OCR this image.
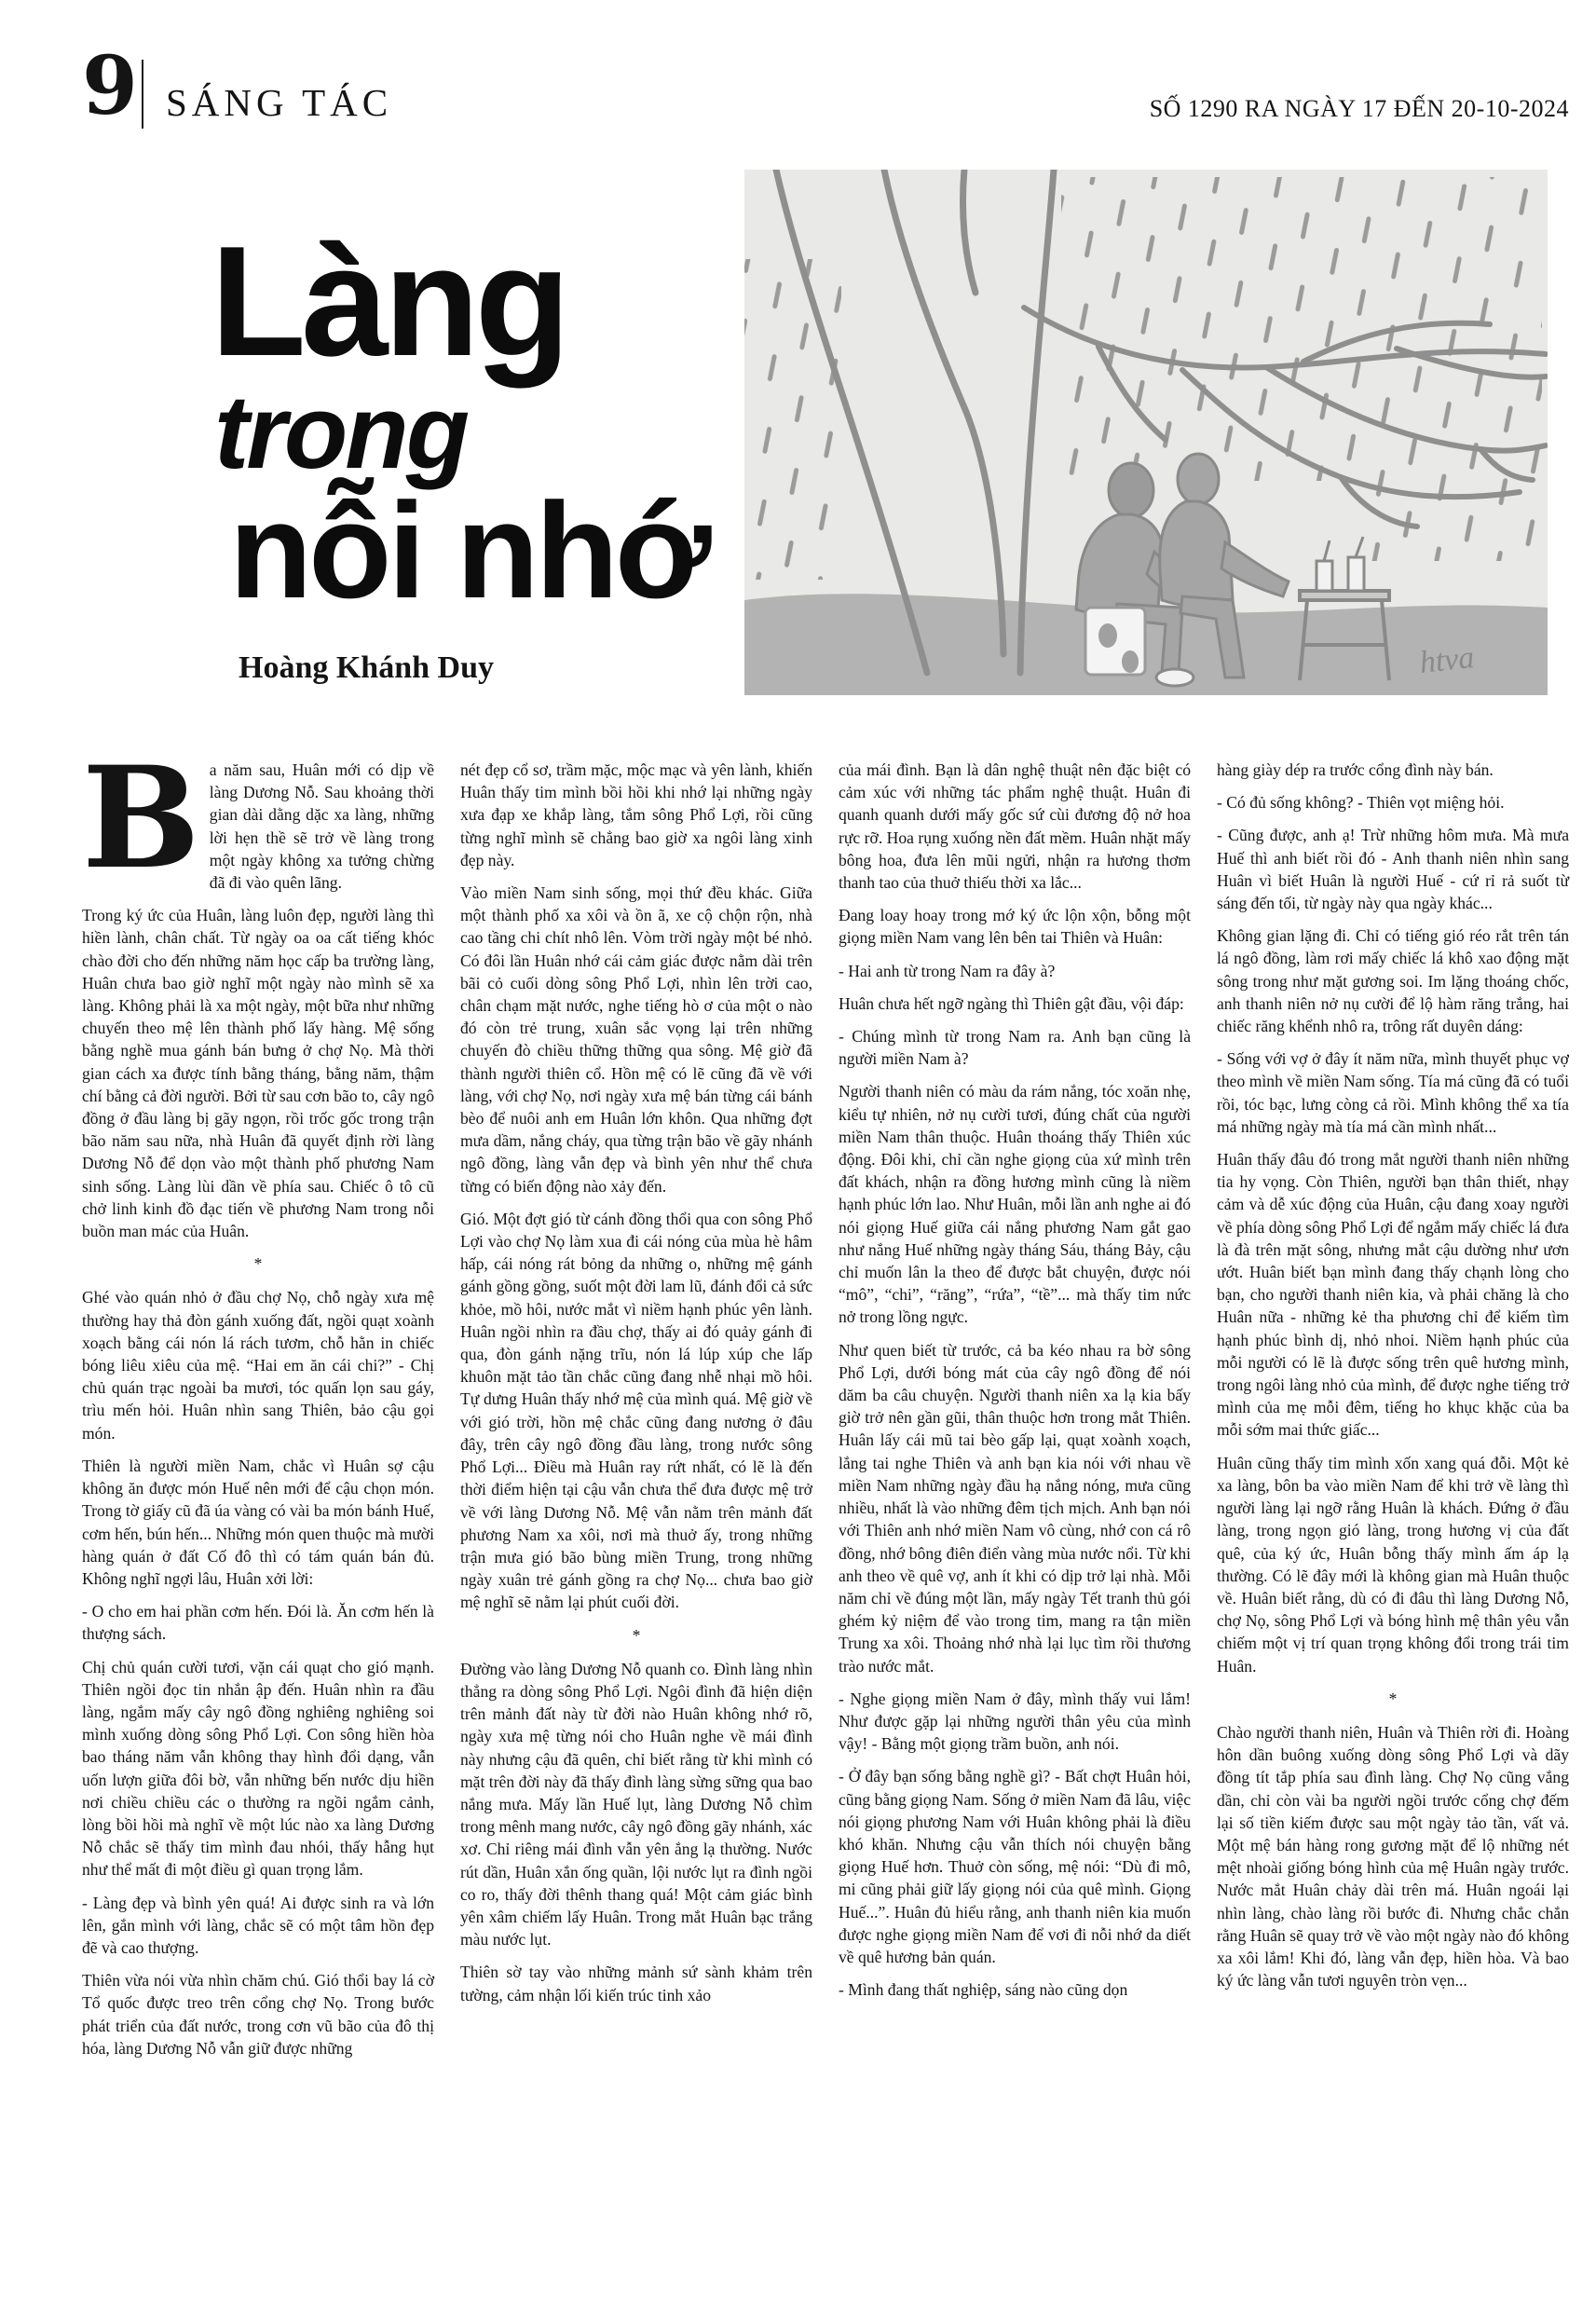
9 SÁNG TÁC	SỐ 1290 RA NGÀY 17 ĐẾN 20-10-2024
Làng
trong
nỗi nhớ
Hoàng Khánh Duy	htva

Ba năm sau, Huân mới có dịp về làng Dương Nỗ. Sau khoảng thời gian dài dằng dặc xa làng, những lời hẹn thề sẽ trở về làng trong một ngày không xa tưởng chừng đã đi vào quên lãng.

Trong ký ức của Huân, làng luôn đẹp, người làng thì hiền lành, chân chất. Từ ngày oa oa cất tiếng khóc chào đời cho đến những năm học cấp ba trường làng, Huân chưa bao giờ nghĩ một ngày nào mình sẽ xa làng. Không phải là xa một ngày, một bữa như những chuyến theo mệ lên thành phố lấy hàng. Mệ sống bằng nghề mua gánh bán bưng ở chợ Nọ. Mà thời gian cách xa được tính bằng tháng, bằng năm, thậm chí bằng cả đời người. Bởi từ sau cơn bão to, cây ngô đồng ở đầu làng bị gãy ngọn, rồi trốc gốc trong trận bão năm sau nữa, nhà Huân đã quyết định rời làng Dương Nỗ để dọn vào một thành phố phương Nam sinh sống. Làng lùi dần về phía sau. Chiếc ô tô cũ chở linh kinh đồ đạc tiến về phương Nam trong nỗi buồn man mác của Huân.

*

Ghé vào quán nhỏ ở đầu chợ Nọ, chỗ ngày xưa mệ thường hay thả đòn gánh xuống đất, ngồi quạt xoành xoạch bằng cái nón lá rách tươm, chỗ hằn in chiếc bóng liêu xiêu của mệ. “Hai em ăn cái chi?” - Chị chủ quán trạc ngoài ba mươi, tóc quấn lọn sau gáy, trìu mến hỏi. Huân nhìn sang Thiên, bảo cậu gọi món.

Thiên là người miền Nam, chắc vì Huân sợ cậu không ăn được món Huế nên mới để cậu chọn món. Trong tờ giấy cũ đã úa vàng có vài ba món bánh Huế, cơm hến, bún hến... Những món quen thuộc mà mười hàng quán ở đất Cố đô thì có tám quán bán đủ. Không nghĩ ngợi lâu, Huân xởi lời:

- O cho em hai phần cơm hến. Đói là. Ăn cơm hến là thượng sách.

Chị chủ quán cười tươi, vặn cái quạt cho gió mạnh. Thiên ngồi đọc tin nhắn ập đến. Huân nhìn ra đầu làng, ngắm mấy cây ngô đồng nghiêng nghiêng soi mình xuống dòng sông Phổ Lợi. Con sông hiền hòa bao tháng năm vẫn không thay hình đổi dạng, vẫn uốn lượn giữa đôi bờ, vẫn những bến nước dịu hiền nơi chiều chiều các o thường ra ngồi ngắm cảnh, lòng bồi hồi mà nghĩ về một lúc nào xa làng Dương Nỗ chắc sẽ thấy tim mình đau nhói, thấy hẫng hụt như thể mất đi một điều gì quan trọng lắm.

- Làng đẹp và bình yên quá! Ai được sinh ra và lớn lên, gắn mình với làng, chắc sẽ có một tâm hồn đẹp đẽ và cao thượng.

Thiên vừa nói vừa nhìn chăm chú. Gió thổi bay lá cờ Tổ quốc được treo trên cổng chợ Nọ. Trong bước phát triển của đất nước, trong cơn vũ bão của đô thị hóa, làng Dương Nỗ vẫn giữ được những

nét đẹp cổ sơ, trầm mặc, mộc mạc và yên lành, khiến Huân thấy tim mình bồi hồi khi nhớ lại những ngày xưa đạp xe khắp làng, tắm sông Phổ Lợi, rồi cũng từng nghĩ mình sẽ chẳng bao giờ xa ngôi làng xinh đẹp này.

Vào miền Nam sinh sống, mọi thứ đều khác. Giữa một thành phố xa xôi và ồn ã, xe cộ chộn rộn, nhà cao tầng chi chít nhô lên. Vòm trời ngày một bé nhỏ. Có đôi lần Huân nhớ cái cảm giác được nằm dài trên bãi cỏ cuối dòng sông Phổ Lợi, nhìn lên trời cao, chân chạm mặt nước, nghe tiếng hò ơ của một o nào đó còn trẻ trung, xuân sắc vọng lại trên những chuyến đò chiều thững thững qua sông. Mệ giờ đã thành người thiên cổ. Hồn mệ có lẽ cũng đã về với làng, với chợ Nọ, nơi ngày xưa mệ bán từng cái bánh bèo để nuôi anh em Huân lớn khôn. Qua những đợt mưa dầm, nắng cháy, qua từng trận bão về gãy nhánh ngô đồng, làng vẫn đẹp và bình yên như thể chưa từng có biến động nào xảy đến.

Gió. Một đợt gió từ cánh đồng thổi qua con sông Phổ Lợi vào chợ Nọ làm xua đi cái nóng của mùa hè hâm hấp, cái nóng rát bỏng da những o, những mệ gánh gánh gồng gồng, suốt một đời lam lũ, đánh đổi cả sức khỏe, mồ hôi, nước mắt vì niềm hạnh phúc yên lành. Huân ngồi nhìn ra đầu chợ, thấy ai đó quảy gánh đi qua, đòn gánh nặng trĩu, nón lá lúp xúp che lấp khuôn mặt tảo tần chắc cũng đang nhễ nhại mồ hôi. Tự dưng Huân thấy nhớ mệ của mình quá. Mệ giờ về với gió trời, hồn mệ chắc cũng đang nương ở đâu đây, trên cây ngô đồng đầu làng, trong nước sông Phổ Lợi... Điều mà Huân ray rứt nhất, có lẽ là đến thời điểm hiện tại cậu vẫn chưa thể đưa được mệ trở về với làng Dương Nỗ. Mệ vẫn nằm trên mảnh đất phương Nam xa xôi, nơi mà thuở ấy, trong những trận mưa gió bão bùng miền Trung, trong những ngày xuân trẻ gánh gồng ra chợ Nọ... chưa bao giờ mệ nghĩ sẽ nằm lại phút cuối đời.

*

Đường vào làng Dương Nỗ quanh co. Đình làng nhìn thẳng ra dòng sông Phổ Lợi. Ngôi đình đã hiện diện trên mảnh đất này từ đời nào Huân không nhớ rõ, ngày xưa mệ từng nói cho Huân nghe về mái đình này nhưng cậu đã quên, chỉ biết rằng từ khi mình có mặt trên đời này đã thấy đình làng sừng sững qua bao nắng mưa. Mấy lần Huế lụt, làng Dương Nỗ chìm trong mênh mang nước, cây ngô đồng gãy nhánh, xác xơ. Chỉ riêng mái đình vẫn yên ắng lạ thường. Nước rút dần, Huân xắn ống quần, lội nước lụt ra đình ngồi co ro, thấy đời thênh thang quá! Một cảm giác bình yên xâm chiếm lấy Huân. Trong mắt Huân bạc trắng màu nước lụt.

Thiên sờ tay vào những mảnh sứ sành khảm trên tường, cảm nhận lối kiến trúc tinh xảo

của mái đình. Bạn là dân nghệ thuật nên đặc biệt có cảm xúc với những tác phẩm nghệ thuật. Huân đi quanh quanh dưới mấy gốc sứ cùi đương độ nở hoa rực rỡ. Hoa rụng xuống nền đất mềm. Huân nhặt mấy bông hoa, đưa lên mũi ngửi, nhận ra hương thơm thanh tao của thuở thiếu thời xa lắc...

Đang loay hoay trong mớ ký ức lộn xộn, bỗng một giọng miền Nam vang lên bên tai Thiên và Huân:

- Hai anh từ trong Nam ra đây à?

Huân chưa hết ngỡ ngàng thì Thiên gật đầu, vội đáp:

- Chúng mình từ trong Nam ra. Anh bạn cũng là người miền Nam à?

Người thanh niên có màu da rám nắng, tóc xoăn nhẹ, kiểu tự nhiên, nở nụ cười tươi, đúng chất của người miền Nam thân thuộc. Huân thoáng thấy Thiên xúc động. Đôi khi, chỉ cần nghe giọng của xứ mình trên đất khách, nhận ra đồng hương mình cũng là niềm hạnh phúc lớn lao. Như Huân, mỗi lần anh nghe ai đó nói giọng Huế giữa cái nắng phương Nam gắt gao như nắng Huế những ngày tháng Sáu, tháng Bảy, cậu chỉ muốn lân la theo để được bắt chuyện, được nói “mô”, “chi”, “răng”, “rứa”, “tề”... mà thấy tim nức nở trong lồng ngực.

Như quen biết từ trước, cả ba kéo nhau ra bờ sông Phổ Lợi, dưới bóng mát của cây ngô đồng để nói dăm ba câu chuyện. Người thanh niên xa lạ kia bấy giờ trở nên gần gũi, thân thuộc hơn trong mắt Thiên. Huân lấy cái mũ tai bèo gấp lại, quạt xoành xoạch, lắng tai nghe Thiên và anh bạn kia nói với nhau về miền Nam những ngày đầu hạ nắng nóng, mưa cũng nhiều, nhất là vào những đêm tịch mịch. Anh bạn nói với Thiên anh nhớ miền Nam vô cùng, nhớ con cá rô đồng, nhớ bông điên điển vàng mùa nước nổi. Từ khi anh theo về quê vợ, anh ít khi có dịp trở lại nhà. Mỗi năm chỉ về đúng một lần, mấy ngày Tết tranh thủ gói ghém kỷ niệm để vào trong tim, mang ra tận miền Trung xa xôi. Thoảng nhớ nhà lại lục tìm rồi thương trào nước mắt.

- Nghe giọng miền Nam ở đây, mình thấy vui lắm! Như được gặp lại những người thân yêu của mình vậy! - Bằng một giọng trầm buồn, anh nói.

- Ở đây bạn sống bằng nghề gì? - Bất chợt Huân hỏi, cũng bằng giọng Nam. Sống ở miền Nam đã lâu, việc nói giọng phương Nam với Huân không phải là điều khó khăn. Nhưng cậu vẫn thích nói chuyện bằng giọng Huế hơn. Thuở còn sống, mệ nói: “Dù đi mô, mi cũng phải giữ lấy giọng nói của quê mình. Giọng Huế...”. Huân đủ hiểu rằng, anh thanh niên kia muốn được nghe giọng miền Nam để vơi đi nỗi nhớ da diết về quê hương bản quán.

- Mình đang thất nghiệp, sáng nào cũng dọn

hàng giày dép ra trước cổng đình này bán.

- Có đủ sống không? - Thiên vọt miệng hỏi.

- Cũng được, anh ạ! Trừ những hôm mưa. Mà mưa Huế thì anh biết rồi đó - Anh thanh niên nhìn sang Huân vì biết Huân là người Huế - cứ rỉ rả suốt từ sáng đến tối, từ ngày này qua ngày khác...

Không gian lặng đi. Chỉ có tiếng gió réo rắt trên tán lá ngô đồng, làm rơi mấy chiếc lá khô xao động mặt sông trong như mặt gương soi. Im lặng thoáng chốc, anh thanh niên nở nụ cười để lộ hàm răng trắng, hai chiếc răng khểnh nhô ra, trông rất duyên dáng:

- Sống với vợ ở đây ít năm nữa, mình thuyết phục vợ theo mình về miền Nam sống. Tía má cũng đã có tuổi rồi, tóc bạc, lưng còng cả rồi. Mình không thể xa tía má những ngày mà tía má cần mình nhất...

Huân thấy đâu đó trong mắt người thanh niên những tia hy vọng. Còn Thiên, người bạn thân thiết, nhạy cảm và dễ xúc động của Huân, cậu đang xoay người về phía dòng sông Phổ Lợi để ngắm mấy chiếc lá đưa là đà trên mặt sông, nhưng mắt cậu dường như ươn ướt. Huân biết bạn mình đang thấy chạnh lòng cho bạn, cho người thanh niên kia, và phải chăng là cho Huân nữa - những kẻ tha phương chỉ để kiếm tìm hạnh phúc bình dị, nhỏ nhoi. Niềm hạnh phúc của mỗi người có lẽ là được sống trên quê hương mình, trong ngôi làng nhỏ của mình, để được nghe tiếng trở mình của mẹ mỗi đêm, tiếng ho khục khặc của ba mỗi sớm mai thức giấc...

Huân cũng thấy tim mình xốn xang quá đỗi. Một kẻ xa làng, bôn ba vào miền Nam để khi trở về làng thì người làng lại ngỡ rằng Huân là khách. Đứng ở đầu làng, trong ngọn gió làng, trong hương vị của đất quê, của ký ức, Huân bỗng thấy mình ấm áp lạ thường. Có lẽ đây mới là không gian mà Huân thuộc về. Huân biết rằng, dù có đi đâu thì làng Dương Nỗ, chợ Nọ, sông Phổ Lợi và bóng hình mệ thân yêu vẫn chiếm một vị trí quan trọng không đổi trong trái tim Huân.

*

Chào người thanh niên, Huân và Thiên rời đi. Hoàng hôn dần buông xuống dòng sông Phổ Lợi và dãy đồng tít tắp phía sau đình làng. Chợ Nọ cũng vắng dần, chỉ còn vài ba người ngồi trước cổng chợ đếm lại số tiền kiếm được sau một ngày tảo tần, vất vả. Một mệ bán hàng rong gương mặt để lộ những nét mệt nhoài giống bóng hình của mệ Huân ngày trước. Nước mắt Huân chảy dài trên má. Huân ngoái lại nhìn làng, chào làng rồi bước đi. Nhưng chắc chắn rằng Huân sẽ quay trở về vào một ngày nào đó không xa xôi lắm! Khi đó, làng vẫn đẹp, hiền hòa. Và bao ký ức làng vẫn tươi nguyên tròn vẹn...
